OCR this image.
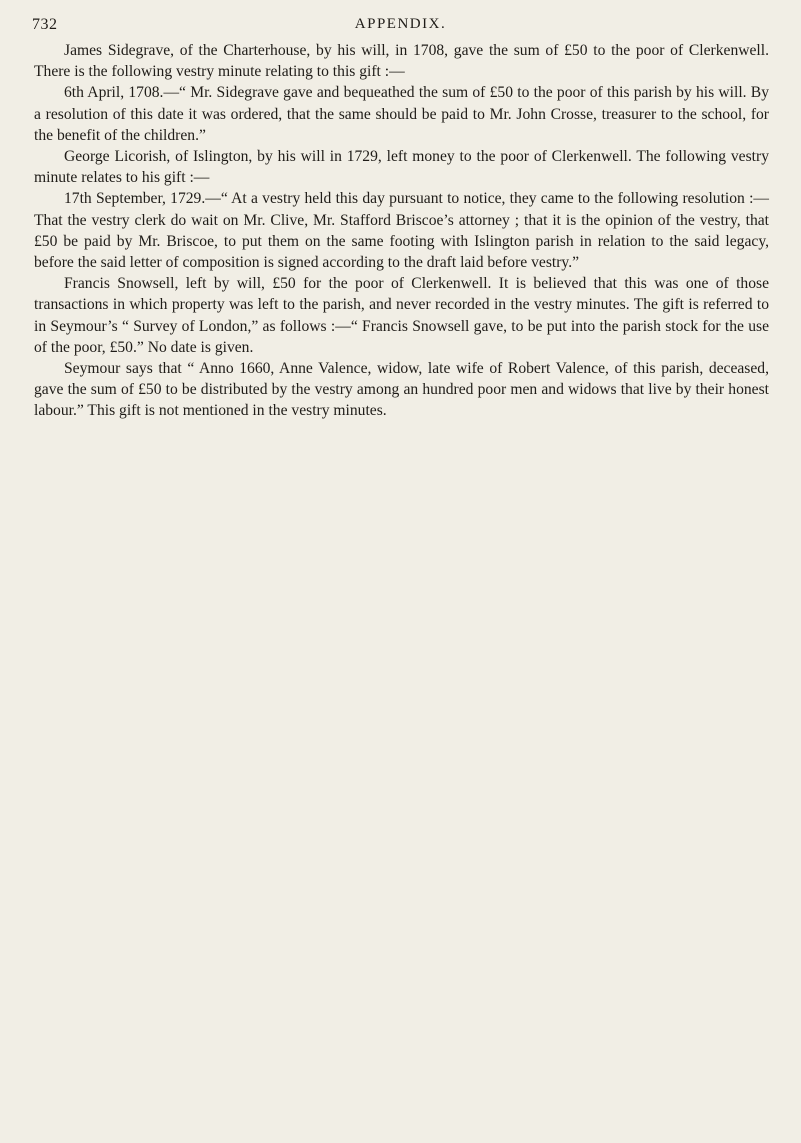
732	APPENDIX.

James Sidegrave, of the Charterhouse, by his will, in 1708, gave the sum of £50 to the poor of Clerkenwell. There is the following vestry minute relating to this gift :—

6th April, 1708.—“ Mr. Sidegrave gave and bequeathed the sum of £50 to the poor of this parish by his will. By a resolution of this date it was ordered, that the same should be paid to Mr. John Crosse, treasurer to the school, for the benefit of the children.”

George Licorish, of Islington, by his will in 1729, left money to the poor of Clerkenwell. The following vestry minute relates to his gift :—

17th September, 1729.—“ At a vestry held this day pursuant to notice, they came to the following resolution :—That the vestry clerk do wait on Mr. Clive, Mr. Stafford Briscoe’s attorney ; that it is the opinion of the vestry, that £50 be paid by Mr. Briscoe, to put them on the same footing with Islington parish in relation to the said legacy, before the said letter of composition is signed according to the draft laid before vestry.”

Francis Snowsell, left by will, £50 for the poor of Clerkenwell. It is believed that this was one of those transactions in which property was left to the parish, and never recorded in the vestry minutes. The gift is referred to in Seymour’s “ Survey of London,” as follows :—“ Francis Snowsell gave, to be put into the parish stock for the use of the poor, £50.” No date is given.

Seymour says that “ Anno 1660, Anne Valence, widow, late wife of Robert Valence, of this parish, deceased, gave the sum of £50 to be distributed by the vestry among an hundred poor men and widows that live by their honest labour.” This gift is not mentioned in the vestry minutes.
